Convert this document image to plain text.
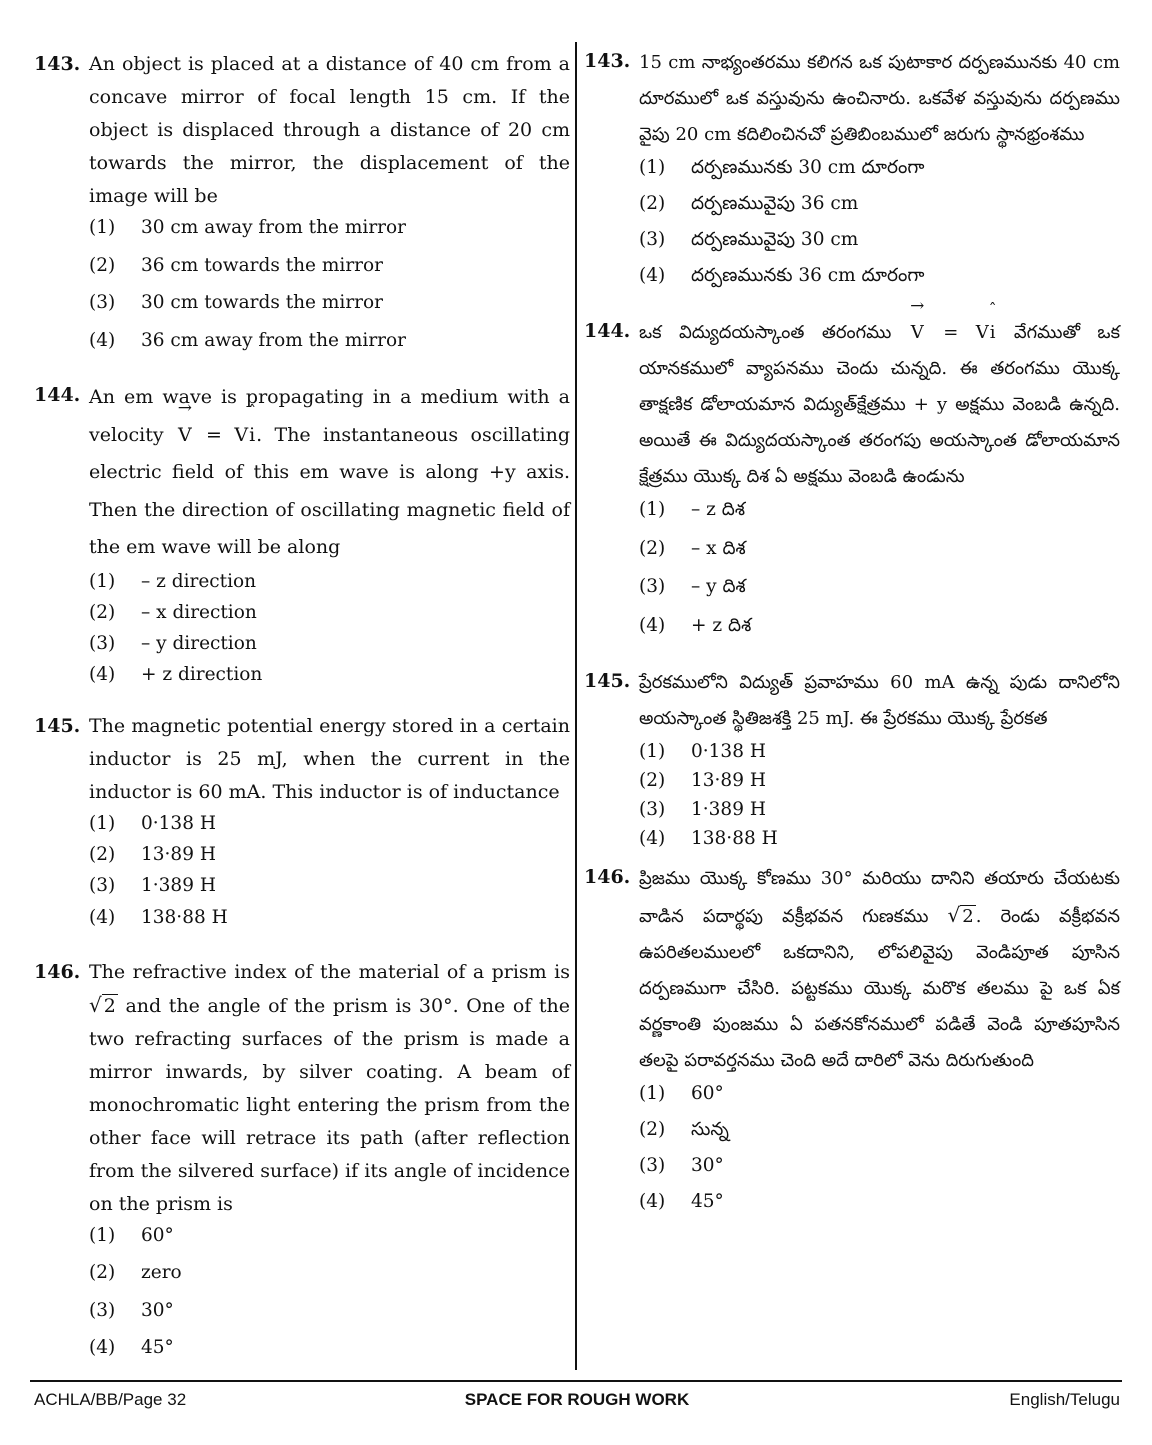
143. An object is placed at a distance of 40 cm from a concave mirror of focal length 15 cm. If the object is displaced through a distance of 20 cm towards the mirror, the displacement of the image will be

(1)	30 cm away from the mirror
(2)	36 cm towards the mirror
(3)	30 cm towards the mirror
(4)	36 cm away from the mirror
144. An em wave is propagating in a medium with a velocity → V = Vˆ i. The instantaneous oscillating electric field of this em wave is along +y axis. Then the direction of oscillating magnetic field of the em wave will be along

(1)	– z direction
(2)	– x direction
(3)	– y direction
(4)	+ z direction
145. The magnetic potential energy stored in a certain inductor is 25 mJ, when the current in the inductor is 60 mA. This inductor is of inductance

(1)	0·138 H
(2)	13·89 H
(3)	1·389 H
(4)	138·88 H
146. The refractive index of the material of a prism is √ 2 and the angle of the prism is 30°. One of the two refracting surfaces of the prism is made a mirror inwards, by silver coating. A beam of monochromatic light entering the prism from the other face will retrace its path (after reflection from the silvered surface) if its angle of incidence on the prism is

(1)	60°
(2)	zero
(3)	30°
(4)	45°
143. 15 cm నాభ్యంతరము కలిగన ఒక పుటాకార దర్పణమునకు 40 cm దూరములో ఒక వస్తువును ఉంచినారు. ఒకవేళ వస్తువును దర్పణము వైపు 20 cm కదిలించినచో ప్రతిబింబములో జరుగు స్థానభ్రంశము

(1)	దర్పణమునకు 30 cm దూరంగా
(2)	దర్పణమువైపు 36 cm
(3)	దర్పణమువైపు 30 cm
(4)	దర్పణమునకు 36 cm దూరంగా
144. ఒక విద్యుదయస్కాంత తరంగము → V = Vˆ i వేగముతో ఒక యానకములో వ్యాపనము చెందు చున్నది. ఈ తరంగము యొక్క తాక్షణిక డోలాయమాన విద్యుత్‌క్షేత్రము + y అక్షము వెంబడి ఉన్నది. అయితే ఈ విద్యుదయస్కాంత తరంగపు అయస్కాంత డోలాయమాన క్షేత్రము యొక్క దిశ ఏ అక్షము వెంబడి ఉండును

(1)	– z దిశ
(2)	– x దిశ
(3)	– y దిశ
(4)	+ z దిశ
145. ప్రేరకములోని విద్యుత్ ప్రవాహము 60 mA ఉన్న పుడు దానిలోని అయస్కాంత స్థితిజశక్తి 25 mJ. ఈ ప్రేరకము యొక్క ప్రేరకత

(1)	0·138 H
(2)	13·89 H
(3)	1·389 H
(4)	138·88 H
146. ప్రిజము యొక్క కోణము 30° మరియు దానిని తయారు చేయటకు వాడిన పదార్థపు వక్రీభవన గుణకము √ 2 . రెండు వక్రీభవన ఉపరితలములలో ఒకదానిని, లోపలివైపు వెండిపూత పూసిన దర్పణముగా చేసిరి. పట్టకము యొక్క మరొక తలము పై ఒక ఏక వర్ణకాంతి పుంజము ఏ పతనకోనములో పడితే వెండి పూతపూసిన తలపై పరావర్తనము చెంది అదే దారిలో వెను దిరుగుతుంది

(1)	60°
(2)	సున్న
(3)	30°
(4)	45°
ACHLA/BB/Page 32	SPACE FOR ROUGH WORK	English/Telugu
